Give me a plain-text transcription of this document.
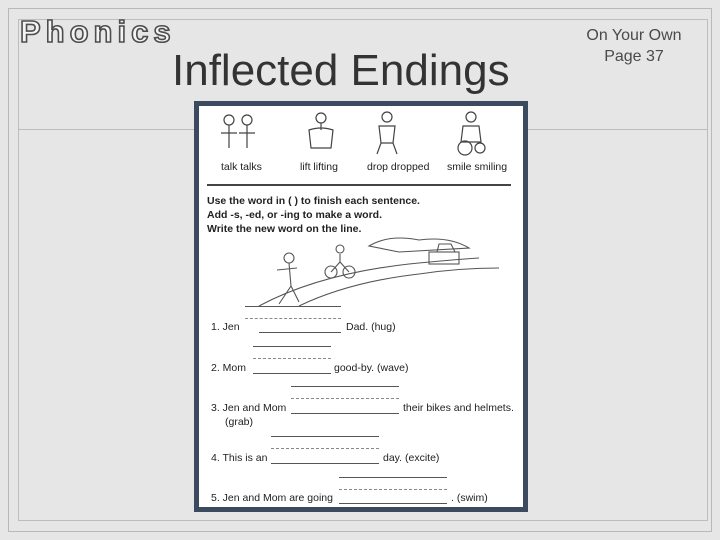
Phonics
Inflected Endings
On Your Own
Page 37
talk talks	lift lifting	drop dropped smile smiling
Use the word in ( ) to finish each sentence.
Add -s, -ed, or -ing to make a word.
Write the new word on the line.
1. Jen	Dad. (hug)
2. Mom	good-by. (wave)
3. Jen and Mom	their bikes and helmets.
(grab)
4. This is an	day. (excite)
5. Jen and Mom are going	. (swim)
